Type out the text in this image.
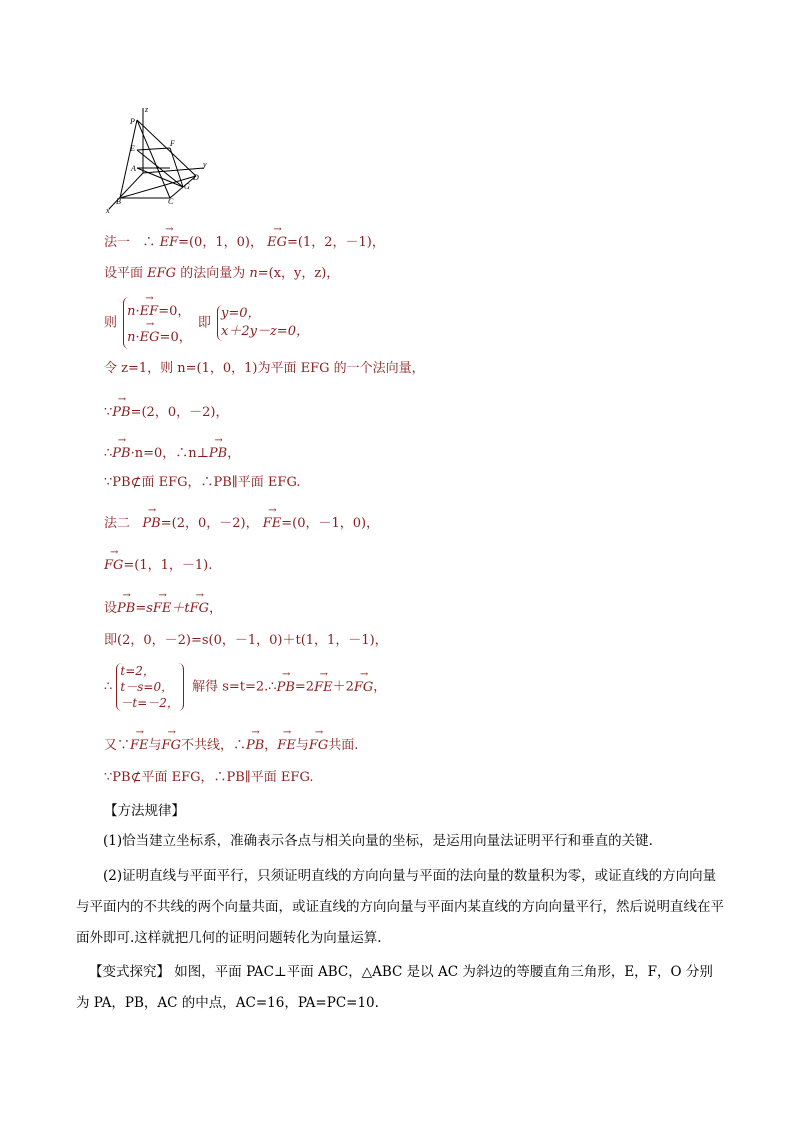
z
P
E
F
y
A
D
G
B	C
x
法一 ∴ → EF=(0，1，0)， → EG=(1，2，－1)，
设平面 EFG 的法向量为 n=(x，y，z)，
则 n·→ EF=0，
n·→ EG=0， 即 y=0，
x＋2y－z=0，
令 z=1，则 n=(1，0，1)为平面 EFG 的一个法向量，
∵→ PB=(2，0，－2)，
∴→ PB·n=0，∴n⊥→ PB，
∵PB⊄面 EFG，∴PB∥平面 EFG.
法二 → PB=(2，0，－2)， → FE=(0，－1，0)，
→ FG=(1，1，－1).
设→ PB=s→ FE＋t→ FG，
即(2，0，－2)=s(0，－1，0)＋t(1，1，－1)，
∴ t=2，
t－s=0，
－t=－2， 解得 s=t=2.∴→ PB=2→ FE＋2→ FG，
又∵→ FE与→ FG不共线，∴→ PB，→ FE与→ FG共面.
∵PB⊄平面 EFG，∴PB∥平面 EFG.
【方法规律】
(1)恰当建立坐标系，准确表示各点与相关向量的坐标，是运用向量法证明平行和垂直的关键.
(2)证明直线与平面平行，只须证明直线的方向向量与平面的法向量的数量积为零，或证直线的方向向量与平面内的不共线的两个向量共面，或证直线的方向向量与平面内某直线的方向向量平行，然后说明直线在平面外即可.这样就把几何的证明问题转化为向量运算.
【变式探究】 如图，平面 PAC⊥平面 ABC，△ABC 是以 AC 为斜边的等腰直角三角形，E，F，O 分别为 PA，PB，AC 的中点，AC=16，PA=PC=10.
